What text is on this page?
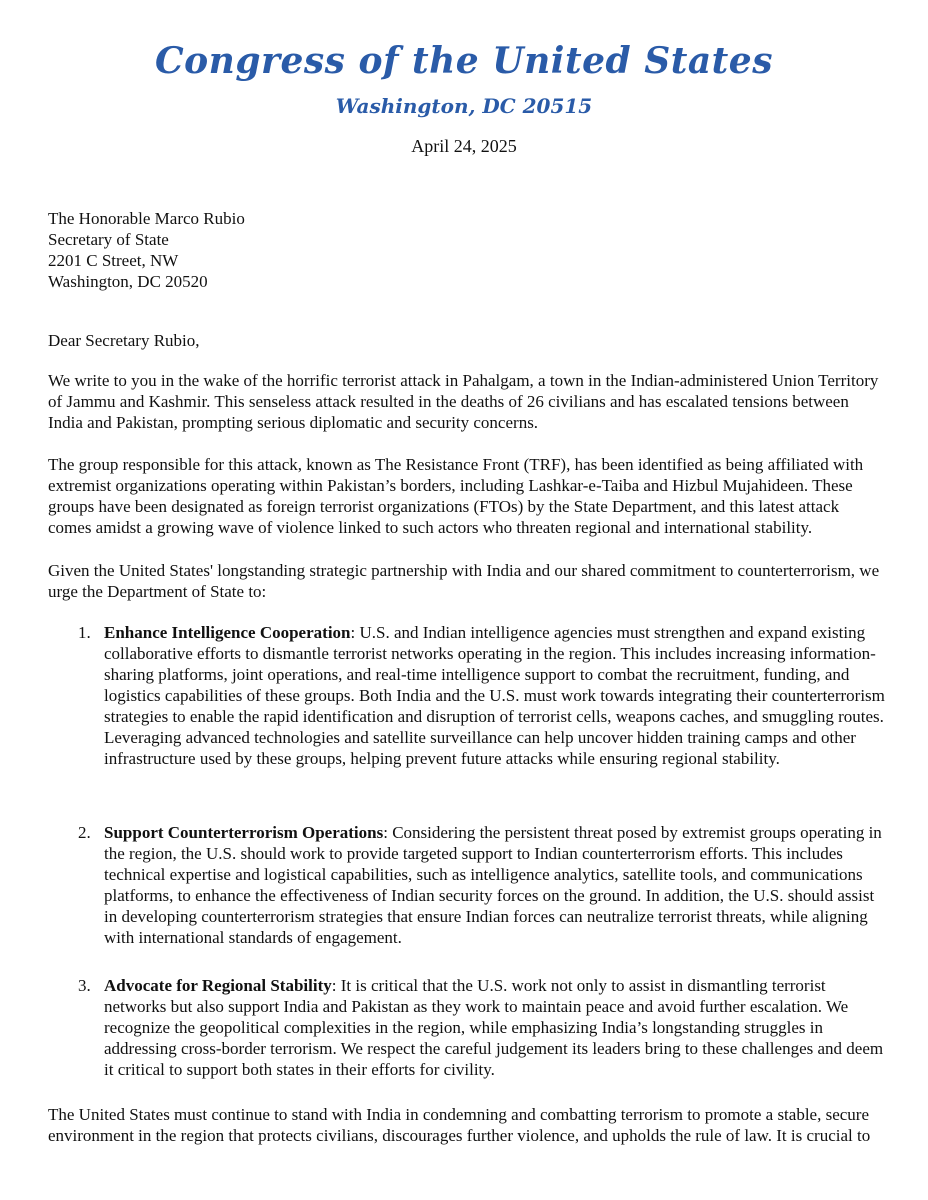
Congress of the United States
Washington, DC 20515
April 24, 2025
The Honorable Marco Rubio
Secretary of State
2201 C Street, NW
Washington, DC 20520
Dear Secretary Rubio,
We write to you in the wake of the horrific terrorist attack in Pahalgam, a town in the Indian-administered Union Territory of Jammu and Kashmir. This senseless attack resulted in the deaths of 26 civilians and has escalated tensions between India and Pakistan, prompting serious diplomatic and security concerns.
The group responsible for this attack, known as The Resistance Front (TRF), has been identified as being affiliated with extremist organizations operating within Pakistan’s borders, including Lashkar-e-Taiba and Hizbul Mujahideen. These groups have been designated as foreign terrorist organizations (FTOs) by the State Department, and this latest attack comes amidst a growing wave of violence linked to such actors who threaten regional and international stability.
Given the United States' longstanding strategic partnership with India and our shared commitment to counterterrorism, we urge the Department of State to:
1. Enhance Intelligence Cooperation: U.S. and Indian intelligence agencies must strengthen and expand existing collaborative efforts to dismantle terrorist networks operating in the region. This includes increasing information-sharing platforms, joint operations, and real-time intelligence support to combat the recruitment, funding, and logistics capabilities of these groups. Both India and the U.S. must work towards integrating their counterterrorism strategies to enable the rapid identification and disruption of terrorist cells, weapons caches, and smuggling routes. Leveraging advanced technologies and satellite surveillance can help uncover hidden training camps and other infrastructure used by these groups, helping prevent future attacks while ensuring regional stability.
2. Support Counterterrorism Operations: Considering the persistent threat posed by extremist groups operating in the region, the U.S. should work to provide targeted support to Indian counterterrorism efforts. This includes technical expertise and logistical capabilities, such as intelligence analytics, satellite tools, and communications platforms, to enhance the effectiveness of Indian security forces on the ground. In addition, the U.S. should assist in developing counterterrorism strategies that ensure Indian forces can neutralize terrorist threats, while aligning with international standards of engagement.
3. Advocate for Regional Stability: It is critical that the U.S. work not only to assist in dismantling terrorist networks but also support India and Pakistan as they work to maintain peace and avoid further escalation. We recognize the geopolitical complexities in the region, while emphasizing India’s longstanding struggles in addressing cross-border terrorism. We respect the careful judgement its leaders bring to these challenges and deem it critical to support both states in their efforts for civility.
The United States must continue to stand with India in condemning and combatting terrorism to promote a stable, secure environment in the region that protects civilians, discourages further violence, and upholds the rule of law. It is crucial to
